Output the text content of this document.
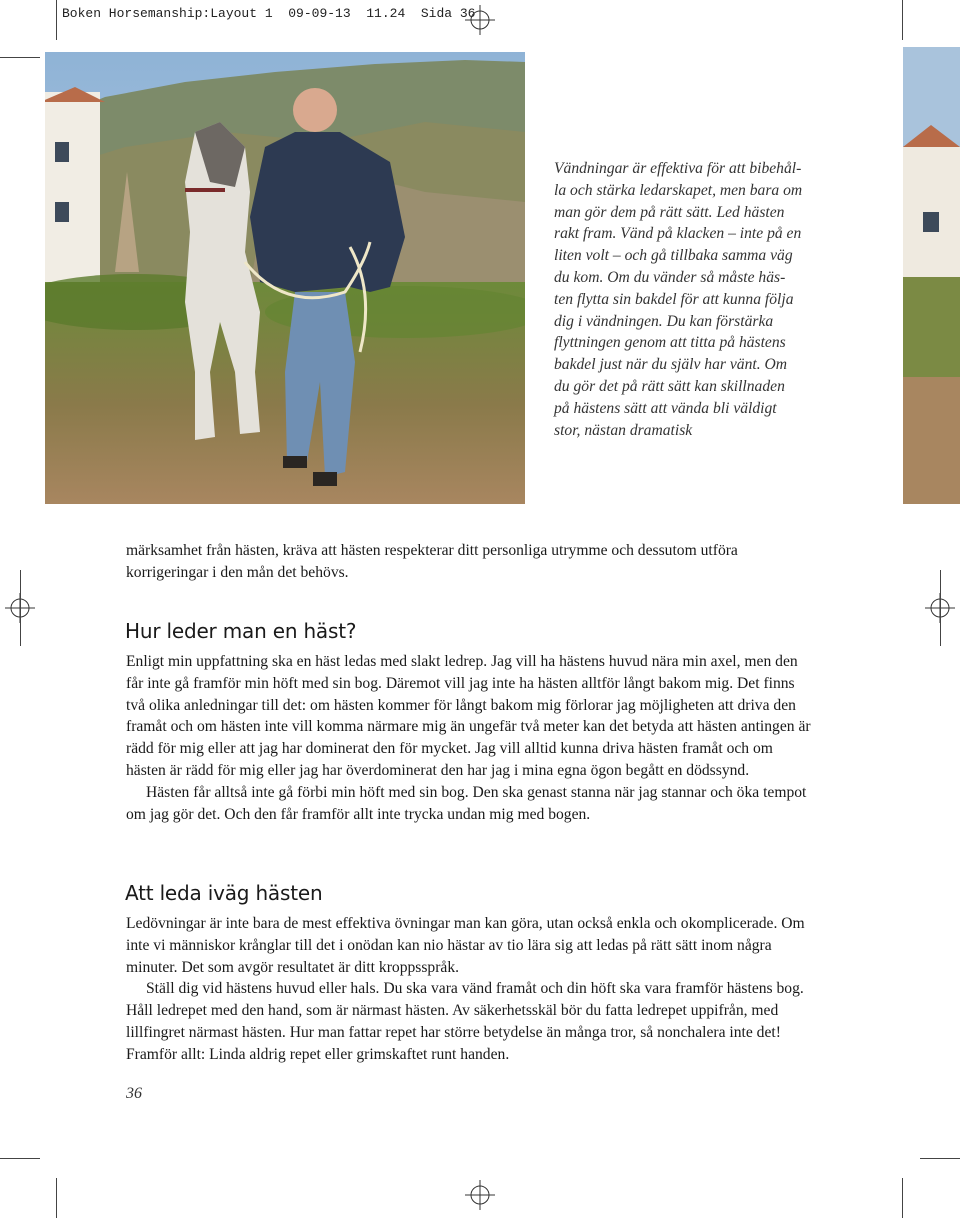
Boken Horsemanship:Layout 1  09-09-13  11.24  Sida 36
Vändningar är effektiva för att bibehål-
la och stärka ledarskapet, men bara om
man gör dem på rätt sätt. Led hästen
rakt fram. Vänd på klacken – inte på en
liten volt – och gå tillbaka samma väg
du kom. Om du vänder så måste häs-
ten flytta sin bakdel för att kunna följa
dig i vändningen. Du kan förstärka
flyttningen genom att titta på hästens
bakdel just när du själv har vänt. Om
du gör det på rätt sätt kan skillnaden
på hästens sätt att vända bli väldigt
stor, nästan dramatisk

märksamhet från hästen, kräva att hästen respekterar ditt personliga utrymme och dessutom utföra korrigeringar i den mån det behövs.

Hur leder man en häst?

Enligt min uppfattning ska en häst ledas med slakt ledrep. Jag vill ha hästens huvud nära min axel, men den får inte gå framför min höft med sin bog. Däremot vill jag inte ha hästen alltför långt bakom mig. Det finns två olika anledningar till det: om hästen kommer för långt bakom mig förlorar jag möjligheten att driva den framåt och om hästen inte vill komma närmare mig än ungefär två meter kan det betyda att hästen antingen är rädd för mig eller att jag har dominerat den för mycket. Jag vill alltid kunna driva hästen framåt och om hästen är rädd för mig eller jag har överdominerat den har jag i mina egna ögon begått en dödssynd.

Hästen får alltså inte gå förbi min höft med sin bog. Den ska genast stanna när jag stannar och öka tempot om jag gör det. Och den får framför allt inte trycka undan mig med bogen.

Att leda iväg hästen

Ledövningar är inte bara de mest effektiva övningar man kan göra, utan också enkla och okomplicerade. Om inte vi människor krånglar till det i onödan kan nio hästar av tio lära sig att ledas på rätt sätt inom några minuter. Det som avgör resultatet är ditt kroppsspråk.

Ställ dig vid hästens huvud eller hals. Du ska vara vänd framåt och din höft ska vara framför hästens bog. Håll ledrepet med den hand, som är närmast hästen. Av säkerhetsskäl bör du fatta ledrepet uppifrån, med lillfingret närmast hästen. Hur man fattar repet har större betydelse än många tror, så nonchalera inte det! Framför allt: Linda aldrig repet eller grimskaftet runt handen.

36
